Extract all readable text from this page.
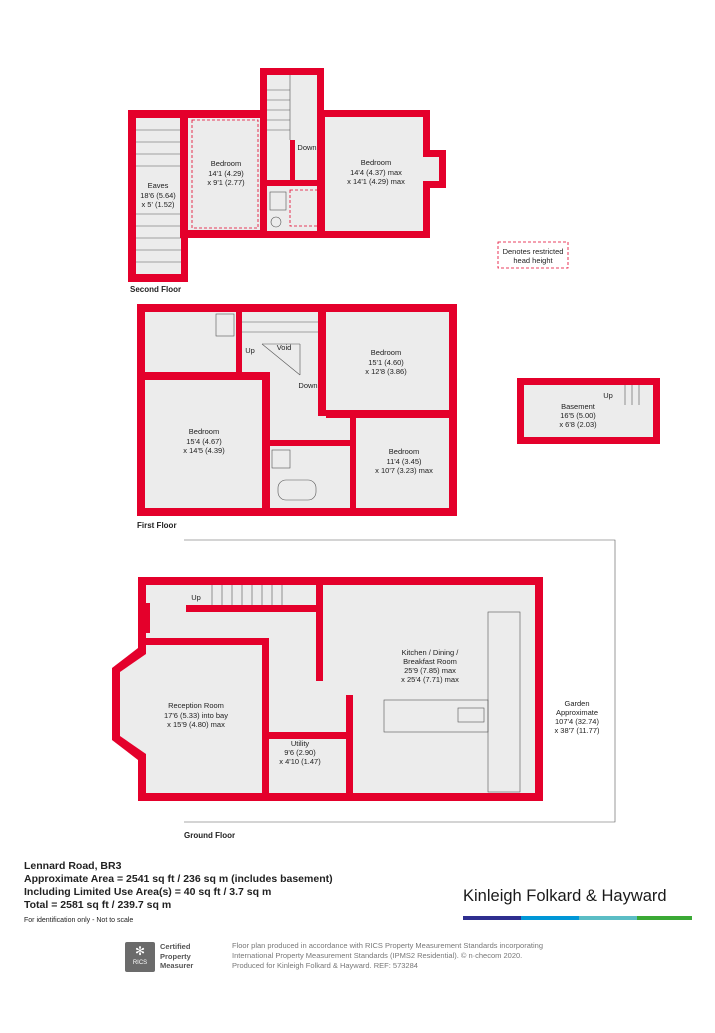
Eaves
18'6 (5.64)
x 5' (1.52)
Bedroom
14'1 (4.29)
x 9'1 (2.77)
Bedroom
14'4 (4.37) max
x 14'1 (4.29) max
Down
Second Floor
Denotes restricted
head height
Bedroom
15'1 (4.60)
x 12'8 (3.86)
Bedroom
15'4 (4.67)
x 14'5 (4.39)	Bedroom
11'4 (3.45)
x 10'7 (3.23) max
Void
Up
Down
First Floor
Basement
16'5 (5.00)
x 6'8 (2.03)
Up
Kitchen / Dining /
Breakfast Room
25'9 (7.85) max
x 25'4 (7.71) max
Reception Room
17'6 (5.33) into bay
x 15'9 (4.80) max
Utility
9'6 (2.90)
x 4'10 (1.47)
Up
Garden
Approximate
107'4 (32.74)
x 38'7 (11.77)
Ground Floor
Lennard Road, BR3
Approximate Area = 2541 sq ft / 236 sq m (includes basement)
Including Limited Use Area(s) = 40 sq ft / 3.7 sq m
Total = 2581 sq ft / 239.7 sq m
For identification only - Not to scale
Kinleigh Folkard & Hayward
✻
RICS
Certified
Property
Measurer
Floor plan produced in accordance with RICS Property Measurement Standards incorporating
International Property Measurement Standards (IPMS2 Residential). © n·checom 2020.
Produced for Kinleigh Folkard & Hayward. REF: 573284
